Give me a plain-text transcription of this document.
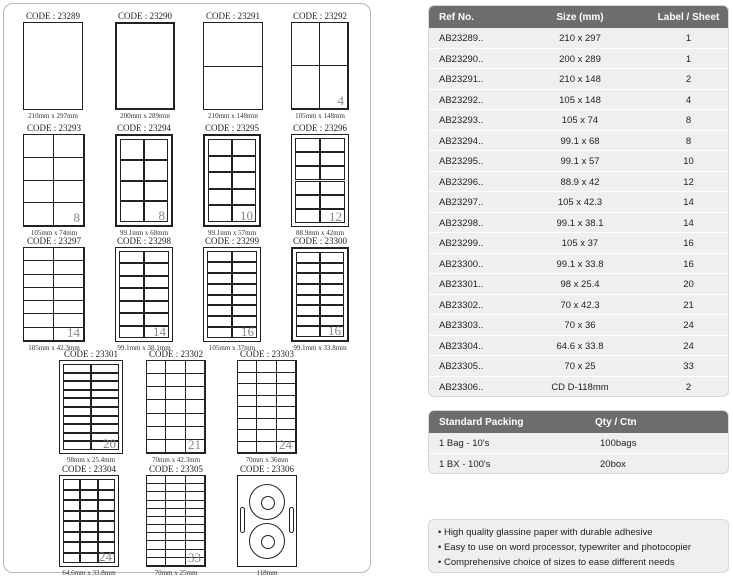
CODE : 23289
210mm x 297mm
CODE : 23290
200mm x 289mm
CODE : 23291
210mm x 148mm
CODE : 23292
4
105mm x 148mm
CODE : 23293
8
105mm x 74mm
CODE : 23294
8
99.1mm x 68mm
CODE : 23295
10
99.1mm x 57mm
CODE : 23296
12
88.9mm x 42mm
CODE : 23297
14
105mm x 42.3mm
CODE : 23298
14
99.1mm x 38.1mm
CODE : 23299
16
105mm x 37mm
CODE : 23300
16
99.1mm x 33.8mm
CODE : 23301
20
98mm x 25.4mm
CODE : 23302
21
70mm x 42.3mm
CODE : 23303
24
70mm x 36mm
CODE : 23304
24
64.6mm x 33.8mm
CODE : 23305
33
70mm x 25mm
CODE : 23306
118mm
Ref No.	Size (mm)	Label / Sheet
AB23289..	210 x 297	1
AB23290..	200 x 289	1
AB23291..	210 x 148	2
AB23292..	105 x 148	4
AB23293..	105 x 74	8
AB23294..	99.1 x 68	8
AB23295..	99.1 x 57	10
AB23296..	88.9 x 42	12
AB23297..	105 x 42.3	14
AB23298..	99.1 x 38.1	14
AB23299..	105 x 37	16
AB23300..	99.1 x 33.8	16
AB23301..	98 x 25.4	20
AB23302..	70 x 42.3	21
AB23303..	70 x 36	24
AB23304..	64.6 x 33.8	24
AB23305..	70 x 25	33
AB23306..	CD D-118mm	2
Standard Packing	Qty / Ctn
1 Bag - 10's	100bags
1 BX - 100's	20box
• High quality glassine paper with durable adhesive
• Easy to use on word processor, typewriter and photocopier
• Comprehensive choice of sizes to ease different needs
